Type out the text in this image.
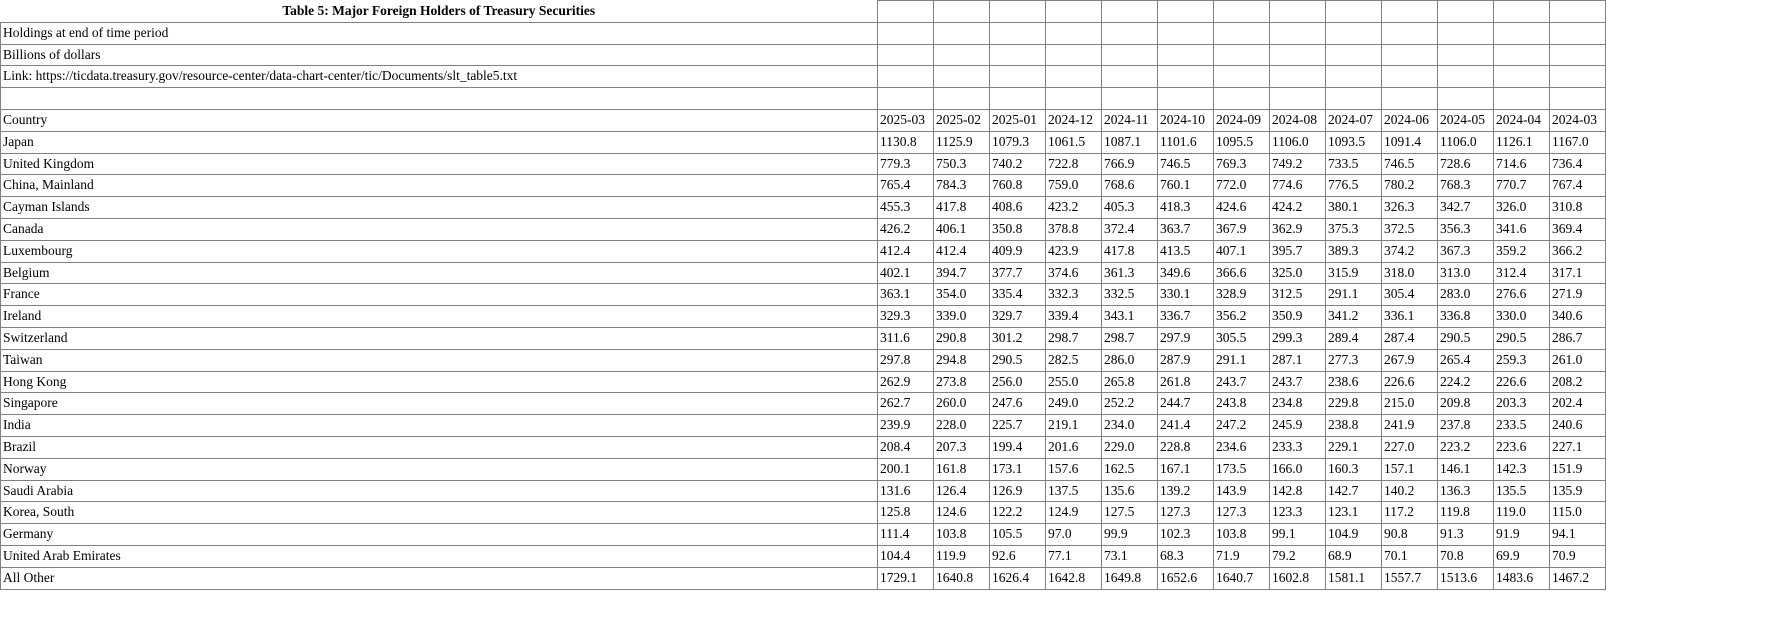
Table 5: Major Foreign Holders of Treasury Securities													
Holdings at end of time period													
Billions of dollars													
Link: https://ticdata.treasury.gov/resource-center/data-chart-center/tic/Documents/slt_table5.txt													

Country	2025-03	2025-02	2025-01	2024-12	2024-11	2024-10	2024-09	2024-08	2024-07	2024-06	2024-05	2024-04	2024-03
Japan	1130.8	1125.9	1079.3	1061.5	1087.1	1101.6	1095.5	1106.0	1093.5	1091.4	1106.0	1126.1	1167.0
United Kingdom	779.3	750.3	740.2	722.8	766.9	746.5	769.3	749.2	733.5	746.5	728.6	714.6	736.4
China, Mainland	765.4	784.3	760.8	759.0	768.6	760.1	772.0	774.6	776.5	780.2	768.3	770.7	767.4
Cayman Islands	455.3	417.8	408.6	423.2	405.3	418.3	424.6	424.2	380.1	326.3	342.7	326.0	310.8
Canada	426.2	406.1	350.8	378.8	372.4	363.7	367.9	362.9	375.3	372.5	356.3	341.6	369.4
Luxembourg	412.4	412.4	409.9	423.9	417.8	413.5	407.1	395.7	389.3	374.2	367.3	359.2	366.2
Belgium	402.1	394.7	377.7	374.6	361.3	349.6	366.6	325.0	315.9	318.0	313.0	312.4	317.1
France	363.1	354.0	335.4	332.3	332.5	330.1	328.9	312.5	291.1	305.4	283.0	276.6	271.9
Ireland	329.3	339.0	329.7	339.4	343.1	336.7	356.2	350.9	341.2	336.1	336.8	330.0	340.6
Switzerland	311.6	290.8	301.2	298.7	298.7	297.9	305.5	299.3	289.4	287.4	290.5	290.5	286.7
Taiwan	297.8	294.8	290.5	282.5	286.0	287.9	291.1	287.1	277.3	267.9	265.4	259.3	261.0
Hong Kong	262.9	273.8	256.0	255.0	265.8	261.8	243.7	243.7	238.6	226.6	224.2	226.6	208.2
Singapore	262.7	260.0	247.6	249.0	252.2	244.7	243.8	234.8	229.8	215.0	209.8	203.3	202.4
India	239.9	228.0	225.7	219.1	234.0	241.4	247.2	245.9	238.8	241.9	237.8	233.5	240.6
Brazil	208.4	207.3	199.4	201.6	229.0	228.8	234.6	233.3	229.1	227.0	223.2	223.6	227.1
Norway	200.1	161.8	173.1	157.6	162.5	167.1	173.5	166.0	160.3	157.1	146.1	142.3	151.9
Saudi Arabia	131.6	126.4	126.9	137.5	135.6	139.2	143.9	142.8	142.7	140.2	136.3	135.5	135.9
Korea, South	125.8	124.6	122.2	124.9	127.5	127.3	127.3	123.3	123.1	117.2	119.8	119.0	115.0
Germany	111.4	103.8	105.5	97.0	99.9	102.3	103.8	99.1	104.9	90.8	91.3	91.9	94.1
United Arab Emirates	104.4	119.9	92.6	77.1	73.1	68.3	71.9	79.2	68.9	70.1	70.8	69.9	70.9
All Other	1729.1	1640.8	1626.4	1642.8	1649.8	1652.6	1640.7	1602.8	1581.1	1557.7	1513.6	1483.6	1467.2
